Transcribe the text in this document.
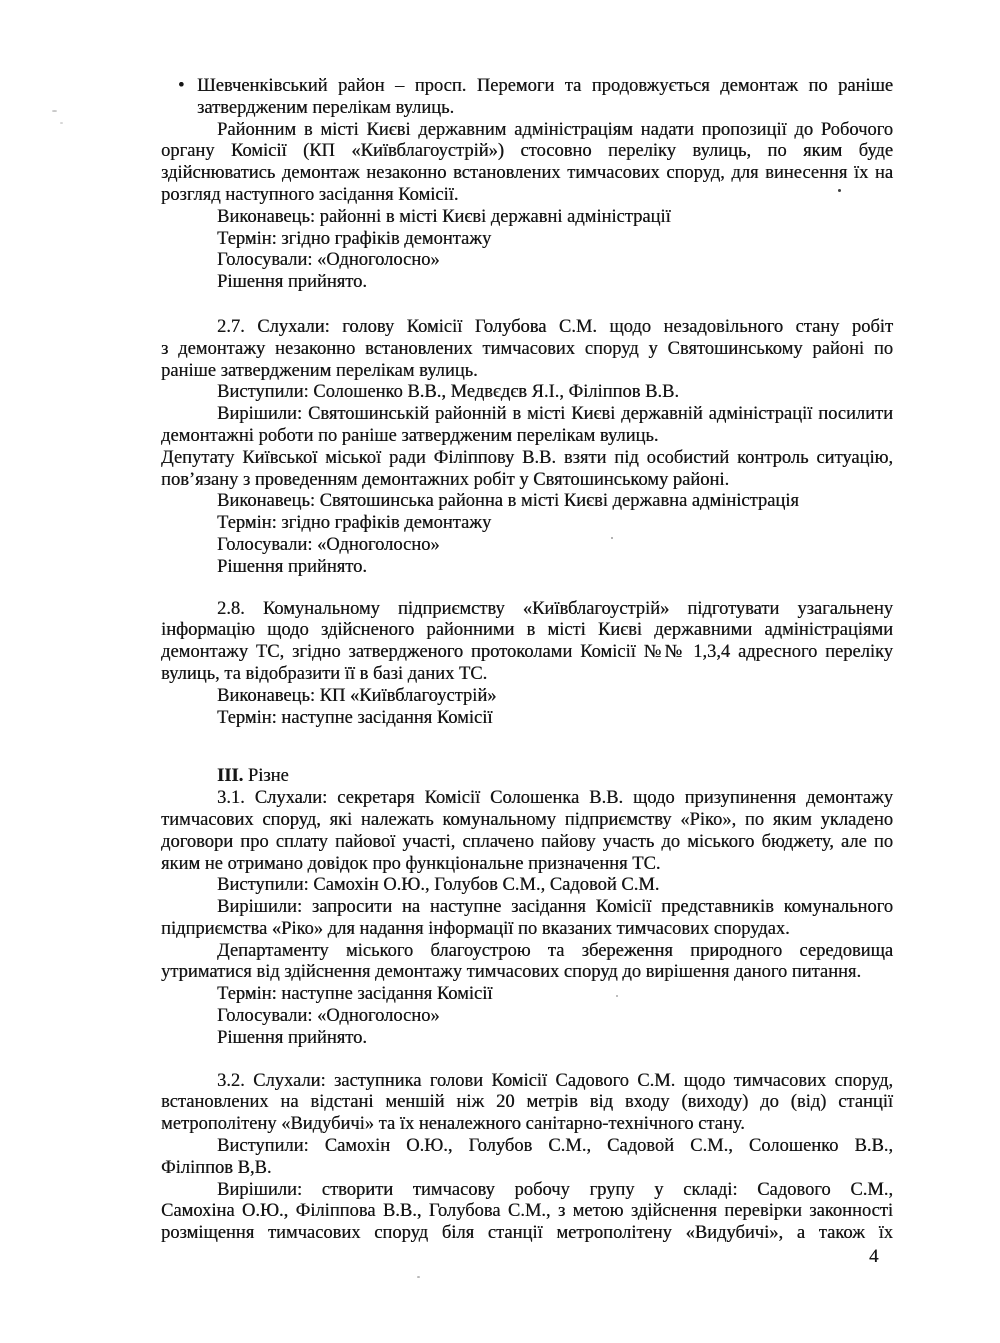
• Шевченківський район – просп. Перемоги та продовжується демонтаж по раніше
затвердженим перелікам вулиць.
Районним в місті Києві державним адміністраціям надати пропозиції до Робочого
органу Комісії (КП «Київблагоустрій») стосовно переліку вулиць, по яким буде
здійснюватись демонтаж незаконно встановлених тимчасових споруд, для винесення їх на
розгляд наступного засідання Комісії.
Виконавець: районні в місті Києві державні адміністрації
Термін: згідно графіків демонтажу
Голосували: «Одноголосно»
Рішення прийнято.
2.7. Слухали: голову Комісії Голубова С.М. щодо незадовільного стану робіт
з демонтажу незаконно встановлених тимчасових споруд у Святошинському районі по
раніше затвердженим перелікам вулиць.
Виступили: Солошенко В.В., Медвєдєв Я.І., Філіппов В.В.
Вирішили: Святошинській районній в місті Києві державній адміністрації посилити
демонтажні роботи по раніше затвердженим перелікам вулиць.
Депутату Київської міської ради Філіппову В.В. взяти під особистий контроль ситуацію,
пов’язану з проведенням демонтажних робіт у Святошинському районі.
Виконавець: Святошинська районна в місті Києві державна адміністрація
Термін: згідно графіків демонтажу
Голосували: «Одноголосно»
Рішення прийнято.
2.8. Комунальному підприємству «Київблагоустрій» підготувати узагальнену
інформацію щодо здійсненого районними в місті Києві державними адміністраціями
демонтажу ТС, згідно затвердженого протоколами Комісії №№ 1,3,4 адресного переліку
вулиць, та відобразити її в базі даних ТС.
Виконавець: КП «Київблагоустрій»
Термін: наступне засідання Комісії
III. Різне
3.1. Слухали: секретаря Комісії Солошенка В.В. щодо призупинення демонтажу
тимчасових споруд, які належать комунальному підприємству «Ріко», по яким укладено
договори про сплату пайової участі, сплачено пайову участь до міського бюджету, але по
яким не отримано довідок про функціональне призначення ТС.
Виступили: Самохін О.Ю., Голубов С.М., Садовой С.М.
Вирішили: запросити на наступне засідання Комісії представників комунального
підприємства «Ріко» для надання інформації по вказаних тимчасових спорудах.
Департаменту міського благоустрою та збереження природного середовища
утриматися від здійснення демонтажу тимчасових споруд до вирішення даного питання.
Термін: наступне засідання Комісії
Голосували: «Одноголосно»
Рішення прийнято.
3.2. Слухали: заступника голови Комісії Садового С.М. щодо тимчасових споруд,
встановлених на відстані меншій ніж 20 метрів від входу (виходу) до (від) станції
метрополітену «Видубичі» та їх неналежного санітарно-технічного стану.
Виступили: Самохін О.Ю., Голубов С.М., Садовой С.М., Солошенко В.В.,
Філіппов В,В.
Вирішили: створити тимчасову робочу групу у складі: Садового С.М.,
Самохіна О.Ю., Філіппова В.В., Голубова С.М., з метою здійснення перевірки законності
розміщення тимчасових споруд біля станції метрополітену «Видубичі», а також їх
4
